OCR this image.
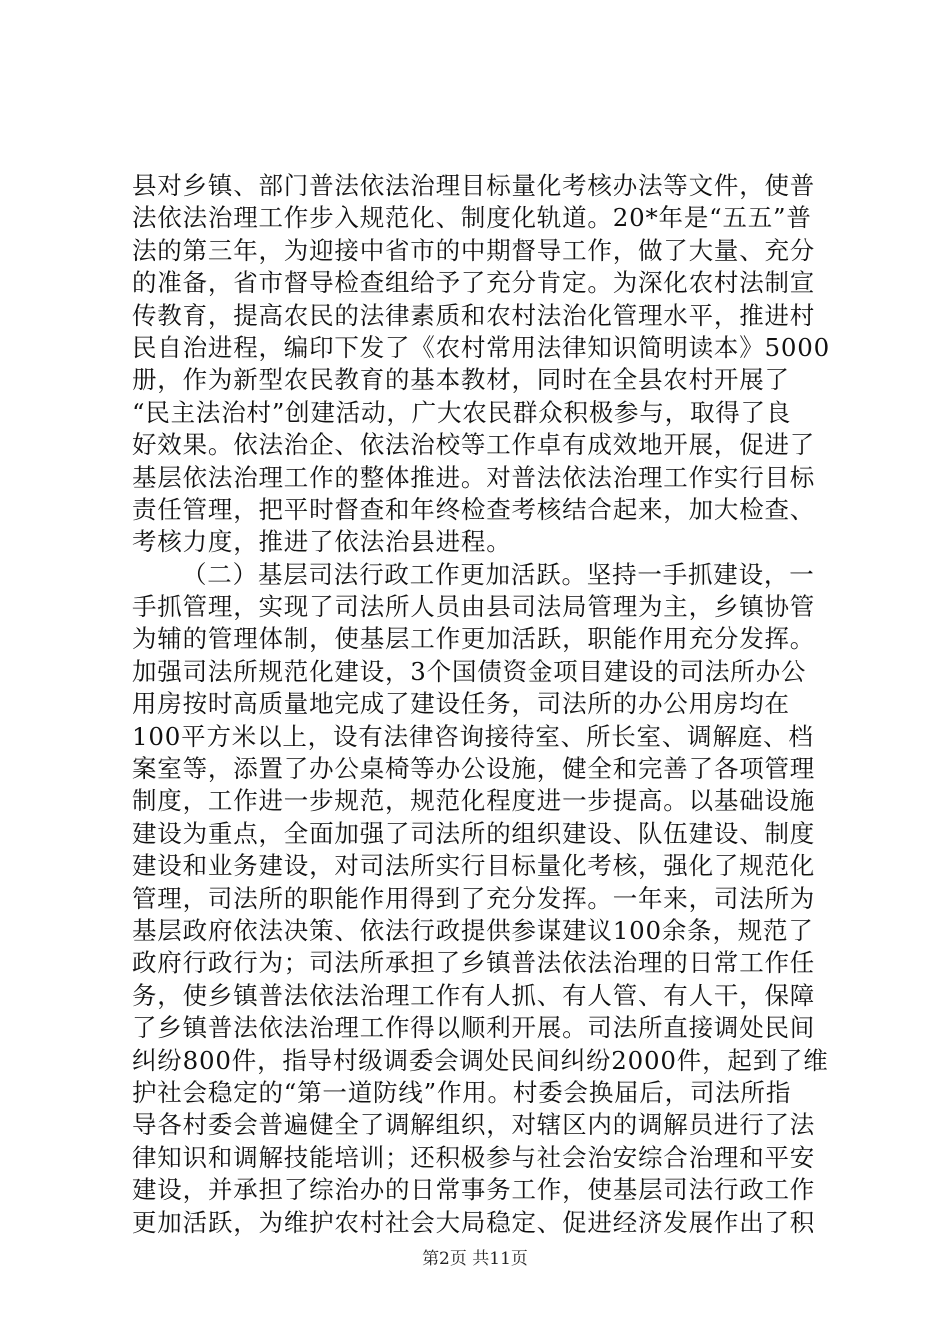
县对乡镇、部门普法依法治理目标量化考核办法等文件，使普
法依法治理工作步入规范化、制度化轨道。20*年是“五五”普
法的第三年，为迎接中省市的中期督导工作，做了大量、充分
的准备，省市督导检查组给予了充分肯定。为深化农村法制宣
传教育，提高农民的法律素质和农村法治化管理水平，推进村
民自治进程，编印下发了《农村常用法律知识简明读本》5000
册，作为新型农民教育的基本教材，同时在全县农村开展了
“民主法治村”创建活动，广大农民群众积极参与，取得了良
好效果。依法治企、依法治校等工作卓有成效地开展，促进了
基层依法治理工作的整体推进。对普法依法治理工作实行目标
责任管理，把平时督查和年终检查考核结合起来，加大检查、
考核力度，推进了依法治县进程。
（二）基层司法行政工作更加活跃。坚持一手抓建设，一
手抓管理，实现了司法所人员由县司法局管理为主，乡镇协管
为辅的管理体制，使基层工作更加活跃，职能作用充分发挥。
加强司法所规范化建设，3个国债资金项目建设的司法所办公
用房按时高质量地完成了建设任务，司法所的办公用房均在
100平方米以上，设有法律咨询接待室、所长室、调解庭、档
案室等，添置了办公桌椅等办公设施，健全和完善了各项管理
制度，工作进一步规范，规范化程度进一步提高。以基础设施
建设为重点，全面加强了司法所的组织建设、队伍建设、制度
建设和业务建设，对司法所实行目标量化考核，强化了规范化
管理，司法所的职能作用得到了充分发挥。一年来，司法所为
基层政府依法决策、依法行政提供参谋建议100余条，规范了
政府行政行为；司法所承担了乡镇普法依法治理的日常工作任
务，使乡镇普法依法治理工作有人抓、有人管、有人干，保障
了乡镇普法依法治理工作得以顺利开展。司法所直接调处民间
纠纷800件，指导村级调委会调处民间纠纷2000件，起到了维
护社会稳定的“第一道防线”作用。村委会换届后，司法所指
导各村委会普遍健全了调解组织，对辖区内的调解员进行了法
律知识和调解技能培训；还积极参与社会治安综合治理和平安
建设，并承担了综治办的日常事务工作，使基层司法行政工作
更加活跃，为维护农村社会大局稳定、促进经济发展作出了积
第2页 共11页
